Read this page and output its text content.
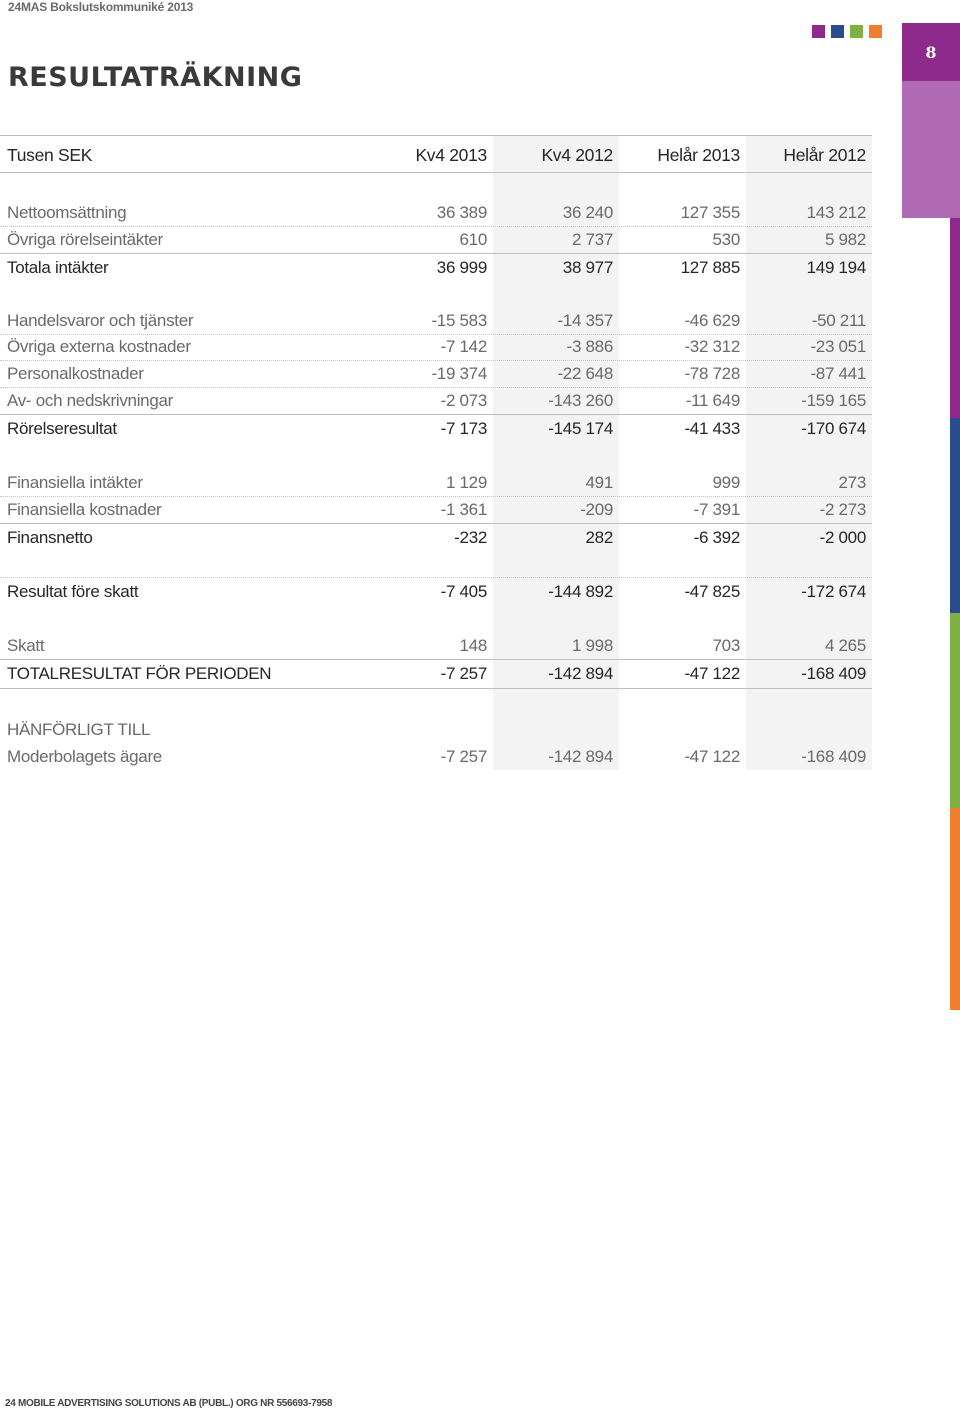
24MAS Bokslutskommuniké 2013
8
RESULTATRÄKNING
Tusen SEK	Kv4 2013	Kv4 2012	Helår 2013	Helår 2012
Nettoomsättning	36 389	36 240	127 355	143 212
Övriga rörelseintäkter	610	2 737	530	5 982
Totala intäkter	36 999	38 977	127 885	149 194
Handelsvaror och tjänster	-15 583	-14 357	-46 629	-50 211
Övriga externa kostnader	-7 142	-3 886	-32 312	-23 051
Personalkostnader	-19 374	-22 648	-78 728	-87 441
Av- och nedskrivningar	-2 073	-143 260	-11 649	-159 165
Rörelseresultat	-7 173	-145 174	-41 433	-170 674
Finansiella intäkter	1 129	491	999	273
Finansiella kostnader	-1 361	-209	-7 391	-2 273
Finansnetto	-232	282	-6 392	-2 000
Resultat före skatt	-7 405	-144 892	-47 825	-172 674
Skatt	148	1 998	703	4 265
TOTALRESULTAT FÖR PERIODEN	-7 257	-142 894	-47 122	-168 409
HÄNFÖRLIGT TILL
Moderbolagets ägare	-7 257	-142 894	-47 122	-168 409
24 MOBILE ADVERTISING SOLUTIONS AB (PUBL.) ORG NR 556693-7958
